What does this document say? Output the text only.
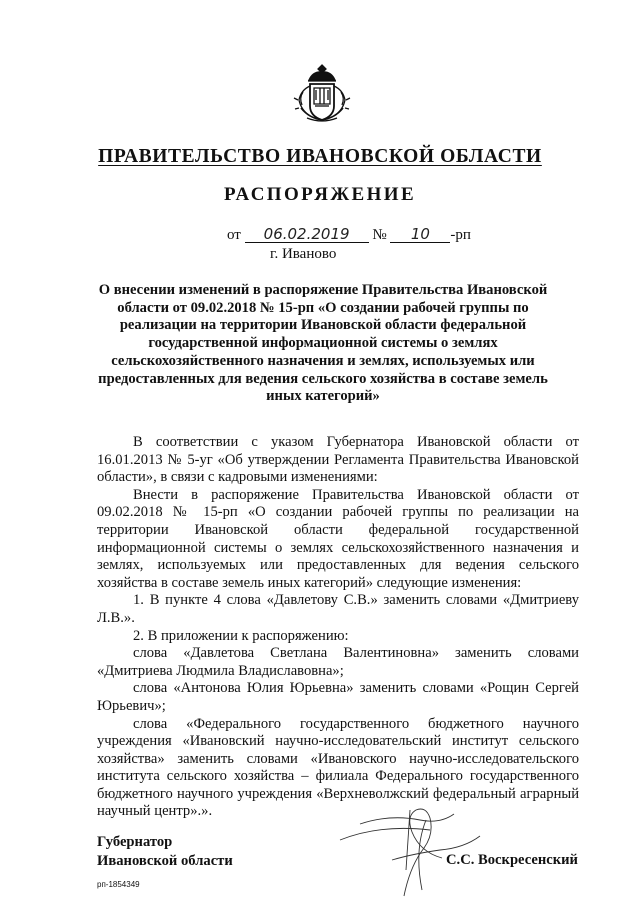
ПРАВИТЕЛЬСТВО ИВАНОВСКОЙ ОБЛАСТИ
РАСПОРЯЖЕНИЕ
от 06.02.2019 № 10 -рп
г. Иваново
О внесении изменений в распоряжение Правительства Ивановской области от 09.02.2018 № 15-рп «О создании рабочей группы по реализации на территории Ивановской области федеральной государственной информационной системы о землях сельскохозяйственного назначения и землях, используемых или предоставленных для ведения сельского хозяйства в составе земель иных категорий»

В соответствии с указом Губернатора Ивановской области от 16.01.2013 № 5-уг «Об утверждении Регламента Правительства Ивановской области», в связи с кадровыми изменениями:

Внести в распоряжение Правительства Ивановской области от 09.02.2018 № 15-рп «О создании рабочей группы по реализации на территории Ивановской области федеральной государственной информационной системы о землях сельскохозяйственного назначения и землях, используемых или предоставленных для ведения сельского хозяйства в составе земель иных категорий» следующие изменения:

1. В пункте 4 слова «Давлетову С.В.» заменить словами «Дмитриеву Л.В.».

2. В приложении к распоряжению:

слова «Давлетова Светлана Валентиновна» заменить словами «Дмитриева Людмила Владиславовна»;

слова «Антонова Юлия Юрьевна» заменить словами «Рощин Сергей Юрьевич»;

слова «Федерального государственного бюджетного научного учреждения «Ивановский научно-исследовательский институт сельского хозяйства» заменить словами «Ивановского научно-исследовательского института сельского хозяйства – филиала Федерального государственного бюджетного научного учреждения «Верхневолжский федеральный аграрный научный центр».».

Губернатор
Ивановской области	С.С. Воскресенский
рп-1854349
